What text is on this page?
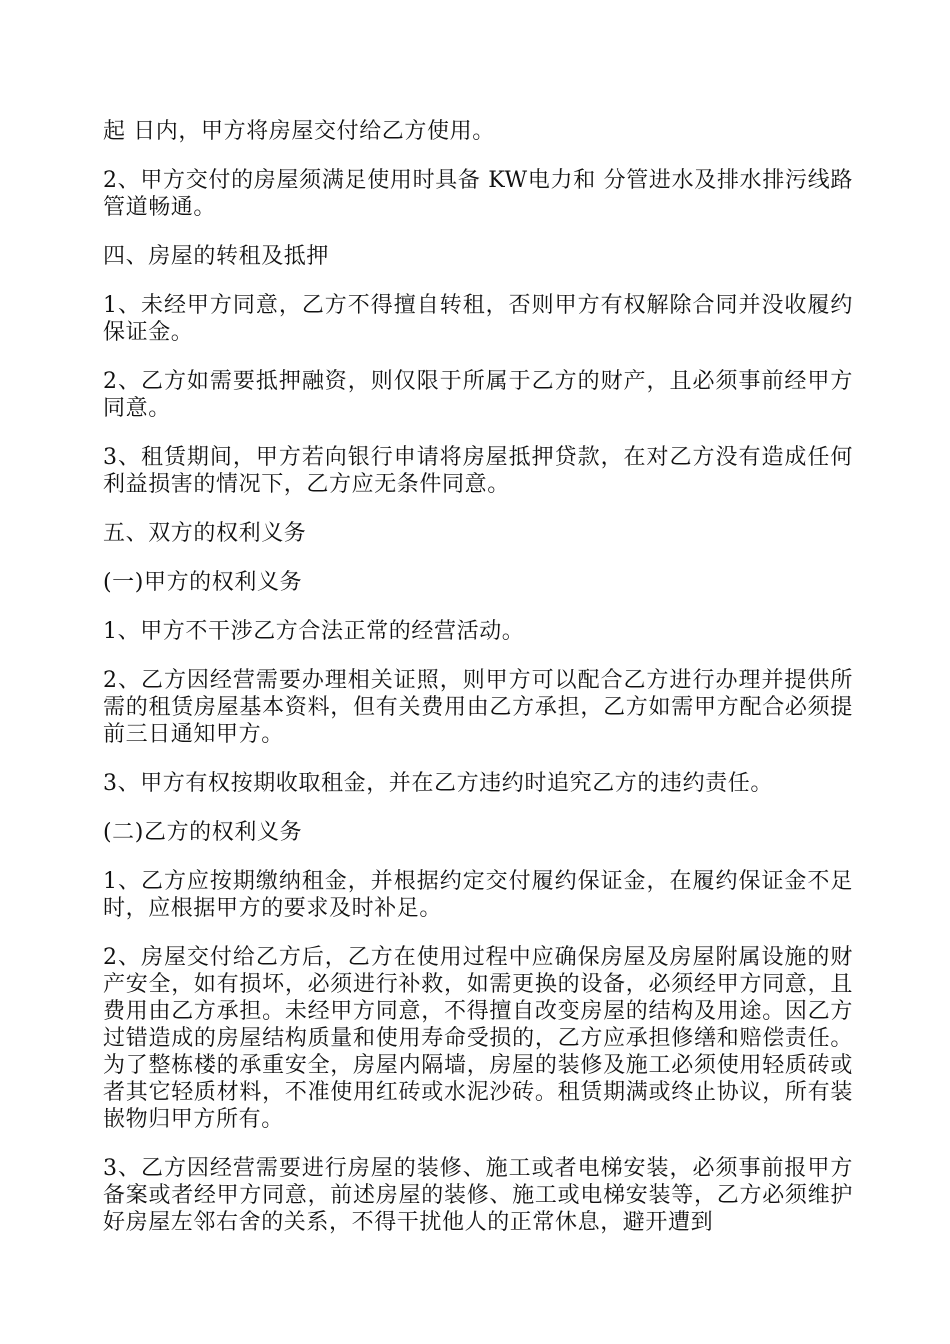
起 日内，甲方将房屋交付给乙方使用。

2、甲方交付的房屋须满足使用时具备 KW电力和 分管进水及排水排污线路管道畅通。

四、房屋的转租及抵押

1、未经甲方同意，乙方不得擅自转租，否则甲方有权解除合同并没收履约保证金。

2、乙方如需要抵押融资，则仅限于所属于乙方的财产，且必须事前经甲方同意。

3、租赁期间，甲方若向银行申请将房屋抵押贷款，在对乙方没有造成任何利益损害的情况下，乙方应无条件同意。

五、双方的权利义务

(一)甲方的权利义务

1、甲方不干涉乙方合法正常的经营活动。

2、乙方因经营需要办理相关证照，则甲方可以配合乙方进行办理并提供所需的租赁房屋基本资料，但有关费用由乙方承担，乙方如需甲方配合必须提前三日通知甲方。

3、甲方有权按期收取租金，并在乙方违约时追究乙方的违约责任。

(二)乙方的权利义务

1、乙方应按期缴纳租金，并根据约定交付履约保证金，在履约保证金不足时，应根据甲方的要求及时补足。

2、房屋交付给乙方后，乙方在使用过程中应确保房屋及房屋附属设施的财产安全，如有损坏，必须进行补救，如需更换的设备，必须经甲方同意，且费用由乙方承担。未经甲方同意，不得擅自改变房屋的结构及用途。因乙方过错造成的房屋结构质量和使用寿命受损的，乙方应承担修缮和赔偿责任。为了整栋楼的承重安全，房屋内隔墙，房屋的装修及施工必须使用轻质砖或者其它轻质材料，不准使用红砖或水泥沙砖。租赁期满或终止协议，所有装嵌物归甲方所有。

3、乙方因经营需要进行房屋的装修、施工或者电梯安装，必须事前报甲方备案或者经甲方同意，前述房屋的装修、施工或电梯安装等，乙方必须维护好房屋左邻右舍的关系，不得干扰他人的正常休息，避开遭到
